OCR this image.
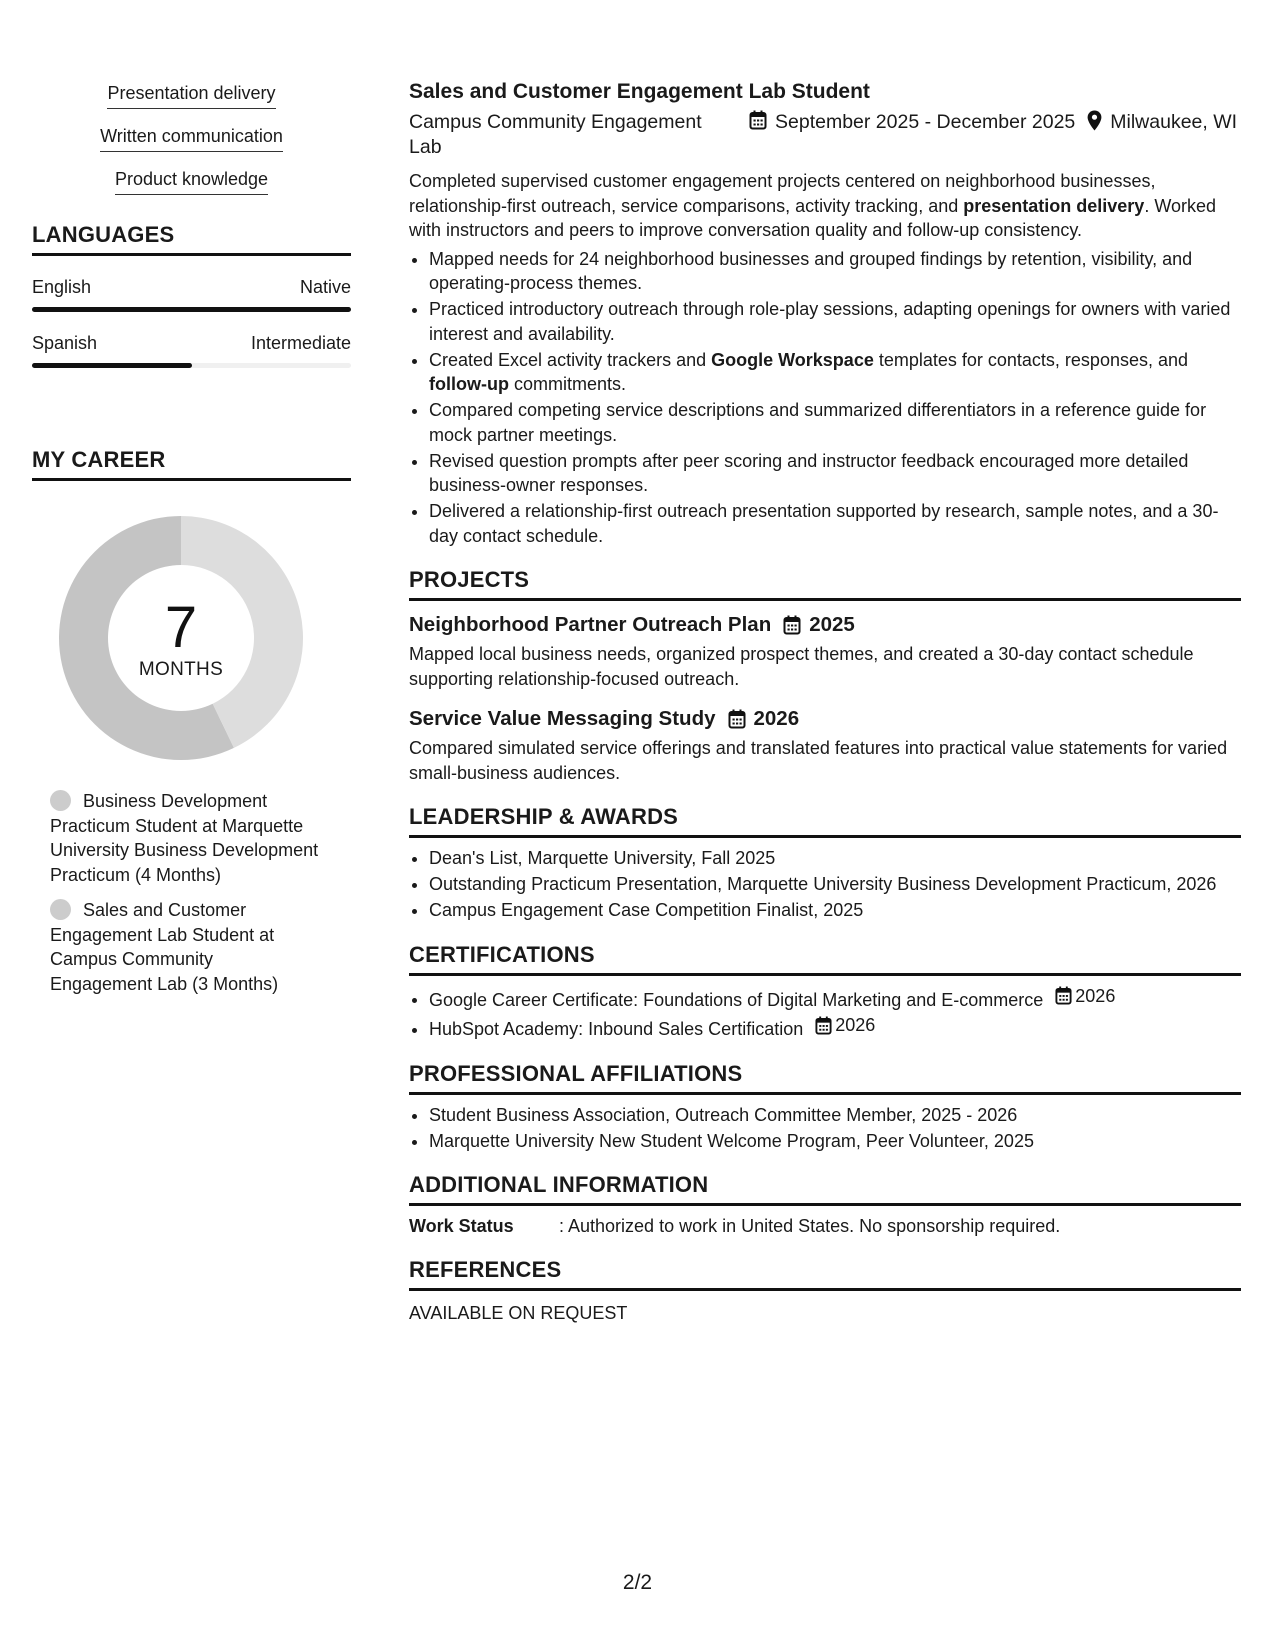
Presentation delivery
Written communication
Product knowledge
LANGUAGES
English	Native
Spanish	Intermediate
MY CAREER
7
MONTHS
Business Development Practicum Student at Marquette University Business Development Practicum (4 Months)
Sales and Customer Engagement Lab Student at Campus Community Engagement Lab (3 Months)
Sales and Customer Engagement Lab Student
Campus Community Engagement Lab
September 2025 - December 2025 Milwaukee, WI

Completed supervised customer engagement projects centered on neighborhood businesses, relationship-first outreach, service comparisons, activity tracking, and presentation delivery. Worked with instructors and peers to improve conversation quality and follow-up consistency.

• Mapped needs for 24 neighborhood businesses and grouped findings by retention, visibility, and operating-process themes.
• Practiced introductory outreach through role-play sessions, adapting openings for owners with varied interest and availability.
• Created Excel activity trackers and Google Workspace templates for contacts, responses, and follow-up commitments.
• Compared competing service descriptions and summarized differentiators in a reference guide for mock partner meetings.
• Revised question prompts after peer scoring and instructor feedback encouraged more detailed business-owner responses.
• Delivered a relationship-first outreach presentation supported by research, sample notes, and a 30-day contact schedule.
PROJECTS
Neighborhood Partner Outreach Plan 2025

Mapped local business needs, organized prospect themes, and created a 30-day contact schedule supporting relationship-focused outreach.

Service Value Messaging Study 2026

Compared simulated service offerings and translated features into practical value statements for varied small-business audiences.

LEADERSHIP & AWARDS
• Dean's List, Marquette University, Fall 2025
• Outstanding Practicum Presentation, Marquette University Business Development Practicum, 2026
• Campus Engagement Case Competition Finalist, 2025
CERTIFICATIONS
• Google Career Certificate: Foundations of Digital Marketing and E-commerce 2026
• HubSpot Academy: Inbound Sales Certification 2026
PROFESSIONAL AFFILIATIONS
• Student Business Association, Outreach Committee Member, 2025 - 2026
• Marquette University New Student Welcome Program, Peer Volunteer, 2025
ADDITIONAL INFORMATION
Work Status	: Authorized to work in United States. No sponsorship required.
REFERENCES
AVAILABLE ON REQUEST
2/2
